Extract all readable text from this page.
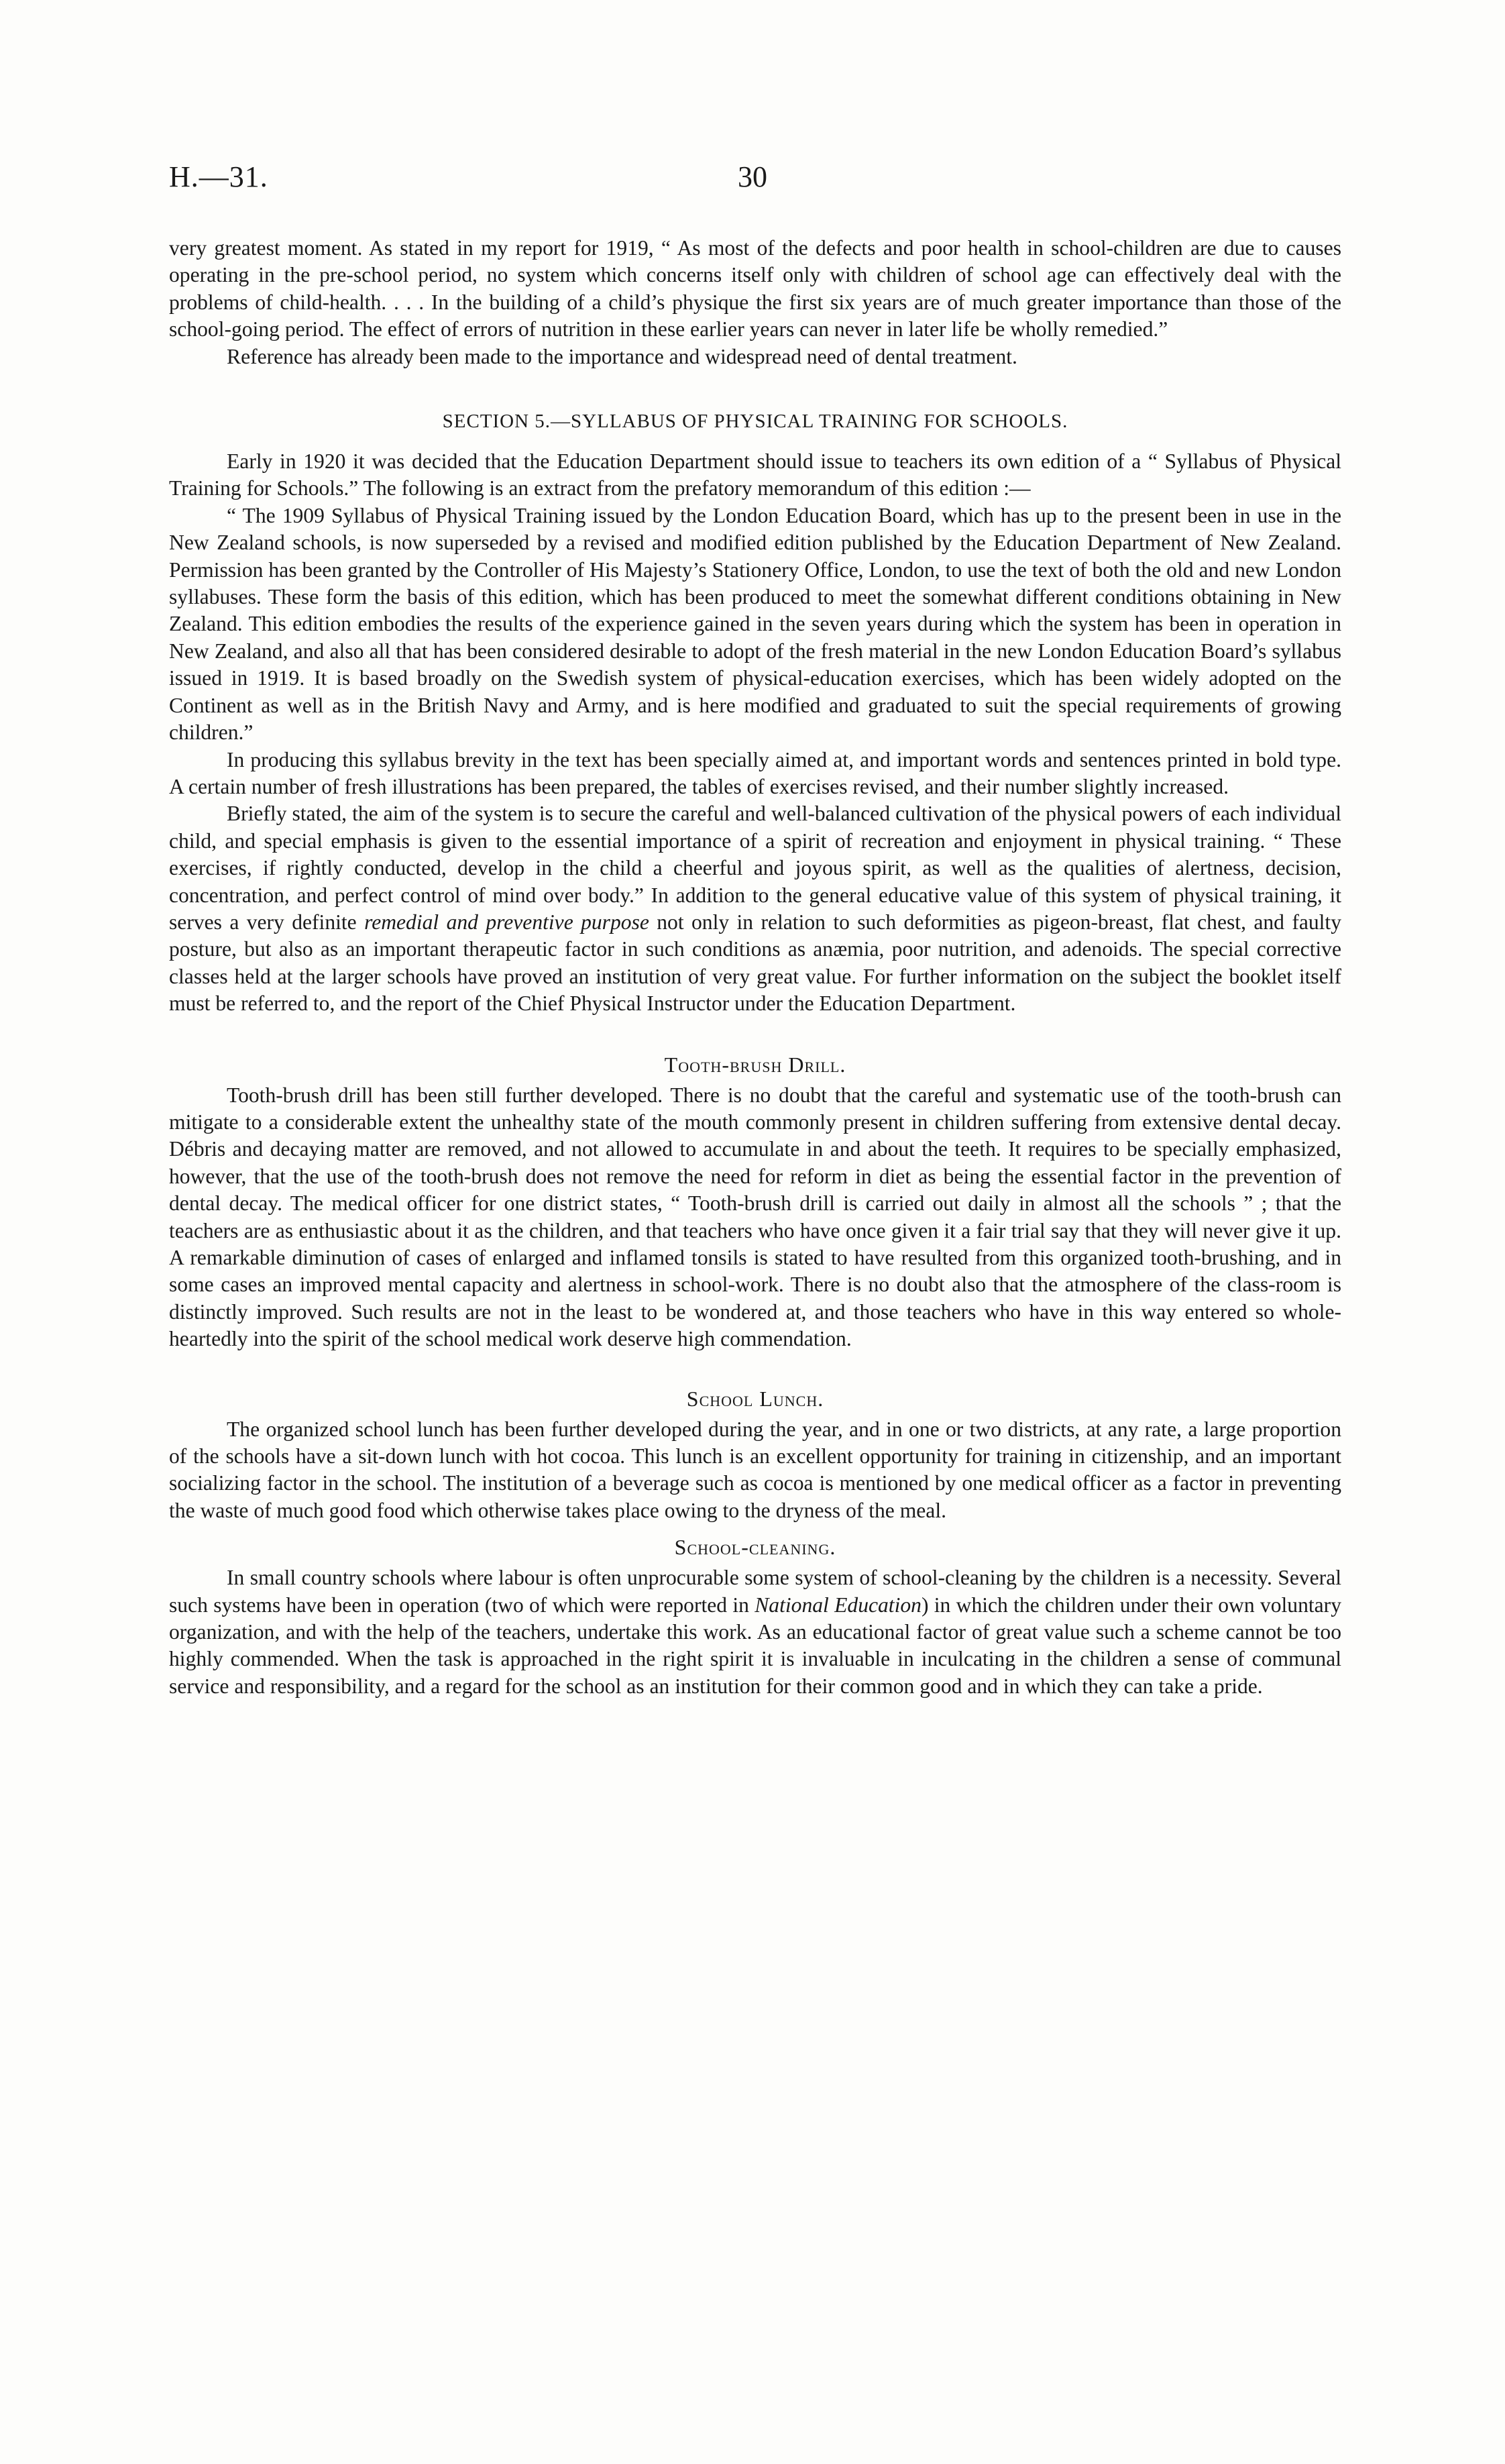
H.—31.	30

very greatest moment. As stated in my report for 1919, “ As most of the defects and poor health in school-children are due to causes operating in the pre-school period, no system which concerns itself only with children of school age can effectively deal with the problems of child-health. . . . In the building of a child’s physique the first six years are of much greater importance than those of the school-going period. The effect of errors of nutrition in these earlier years can never in later life be wholly remedied.”

Reference has already been made to the importance and widespread need of dental treatment.

SECTION 5.—SYLLABUS OF PHYSICAL TRAINING FOR SCHOOLS.

Early in 1920 it was decided that the Education Department should issue to teachers its own edition of a “ Syllabus of Physical Training for Schools.” The following is an extract from the prefatory memorandum of this edition :—

“ The 1909 Syllabus of Physical Training issued by the London Education Board, which has up to the present been in use in the New Zealand schools, is now superseded by a revised and modified edition published by the Education Department of New Zealand. Permission has been granted by the Controller of His Majesty’s Stationery Office, London, to use the text of both the old and new London syllabuses. These form the basis of this edition, which has been produced to meet the somewhat different conditions obtaining in New Zealand. This edition embodies the results of the experience gained in the seven years during which the system has been in operation in New Zealand, and also all that has been considered desirable to adopt of the fresh material in the new London Education Board’s syllabus issued in 1919. It is based broadly on the Swedish system of physical-education exercises, which has been widely adopted on the Continent as well as in the British Navy and Army, and is here modified and graduated to suit the special requirements of growing children.”

In producing this syllabus brevity in the text has been specially aimed at, and important words and sentences printed in bold type. A certain number of fresh illustrations has been prepared, the tables of exercises revised, and their number slightly increased.

Briefly stated, the aim of the system is to secure the careful and well-balanced cultivation of the physical powers of each individual child, and special emphasis is given to the essential importance of a spirit of recreation and enjoyment in physical training. “ These exercises, if rightly conducted, develop in the child a cheerful and joyous spirit, as well as the qualities of alertness, decision, concentration, and perfect control of mind over body.” In addition to the general educative value of this system of physical training, it serves a very definite remedial and preventive purpose not only in relation to such deformities as pigeon-breast, flat chest, and faulty posture, but also as an important therapeutic factor in such conditions as anæmia, poor nutrition, and adenoids. The special corrective classes held at the larger schools have proved an institution of very great value. For further information on the subject the booklet itself must be referred to, and the report of the Chief Physical Instructor under the Education Department.

Tooth-brush Drill.

Tooth-brush drill has been still further developed. There is no doubt that the careful and systematic use of the tooth-brush can mitigate to a considerable extent the unhealthy state of the mouth commonly present in children suffering from extensive dental decay. Débris and decaying matter are removed, and not allowed to accumulate in and about the teeth. It requires to be specially emphasized, however, that the use of the tooth-brush does not remove the need for reform in diet as being the essential factor in the prevention of dental decay. The medical officer for one district states, “ Tooth-brush drill is carried out daily in almost all the schools ” ; that the teachers are as enthusiastic about it as the children, and that teachers who have once given it a fair trial say that they will never give it up. A remarkable diminution of cases of enlarged and inflamed tonsils is stated to have resulted from this organized tooth-brushing, and in some cases an improved mental capacity and alertness in school-work. There is no doubt also that the atmosphere of the class-room is distinctly improved. Such results are not in the least to be wondered at, and those teachers who have in this way entered so whole-heartedly into the spirit of the school medical work deserve high commendation.

School Lunch.

The organized school lunch has been further developed during the year, and in one or two districts, at any rate, a large proportion of the schools have a sit-down lunch with hot cocoa. This lunch is an excellent opportunity for training in citizenship, and an important socializing factor in the school. The institution of a beverage such as cocoa is mentioned by one medical officer as a factor in preventing the waste of much good food which otherwise takes place owing to the dryness of the meal.

School-cleaning.

In small country schools where labour is often unprocurable some system of school-cleaning by the children is a necessity. Several such systems have been in operation (two of which were reported in National Education) in which the children under their own voluntary organization, and with the help of the teachers, undertake this work. As an educational factor of great value such a scheme cannot be too highly commended. When the task is approached in the right spirit it is invaluable in inculcating in the children a sense of communal service and responsibility, and a regard for the school as an institution for their common good and in which they can take a pride.
